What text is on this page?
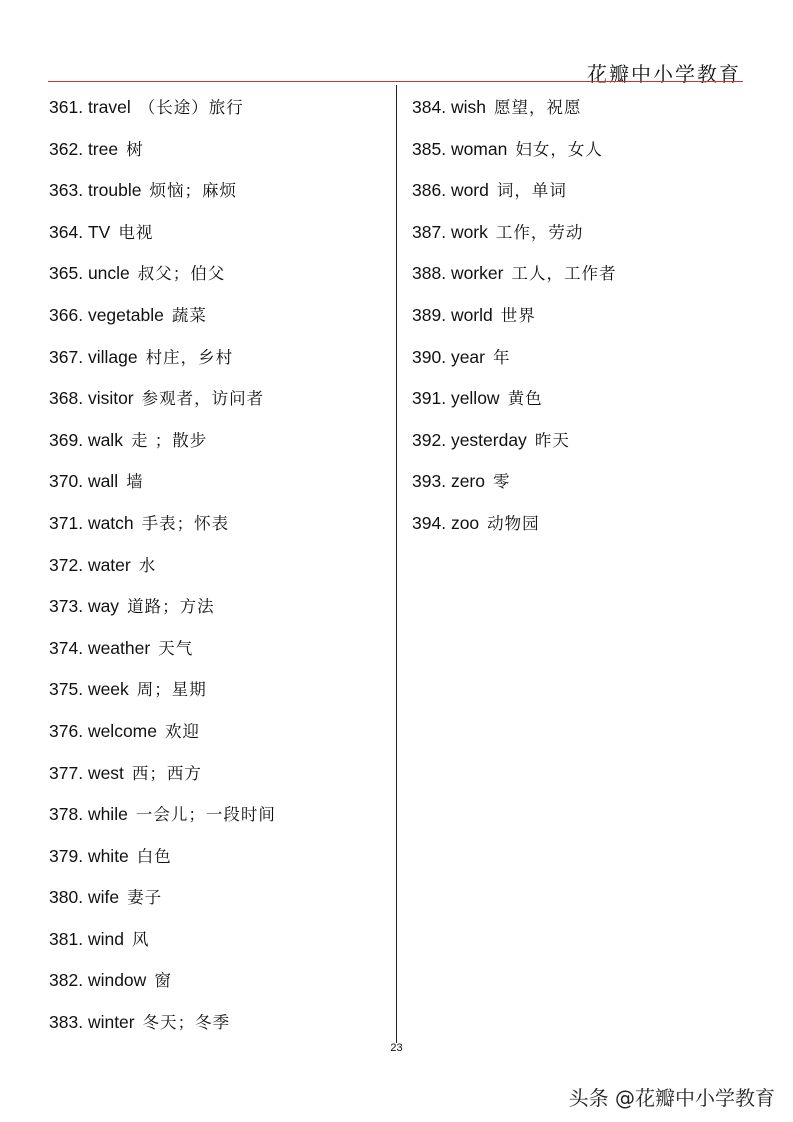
花瓣中小学教育
361. travel （长途）旅行
362. tree 树
363. trouble 烦恼；麻烦
364. TV 电视
365. uncle 叔父；伯父
366. vegetable 蔬菜
367. village 村庄，乡村
368. visitor 参观者，访问者
369. walk 走 ；散步
370. wall 墙
371. watch 手表；怀表
372. water 水
373. way 道路；方法
374. weather 天气
375. week 周；星期
376. welcome 欢迎
377. west 西；西方
378. while 一会儿；一段时间
379. white 白色
380. wife 妻子
381. wind 风
382. window 窗
383. winter 冬天；冬季
384. wish 愿望，祝愿
385. woman 妇女，女人
386. word 词，单词
387. work 工作，劳动
388. worker 工人，工作者
389. world 世界
390. year 年
391. yellow 黄色
392. yesterday 昨天
393. zero 零
394. zoo 动物园
23
头条 @花瓣中小学教育
